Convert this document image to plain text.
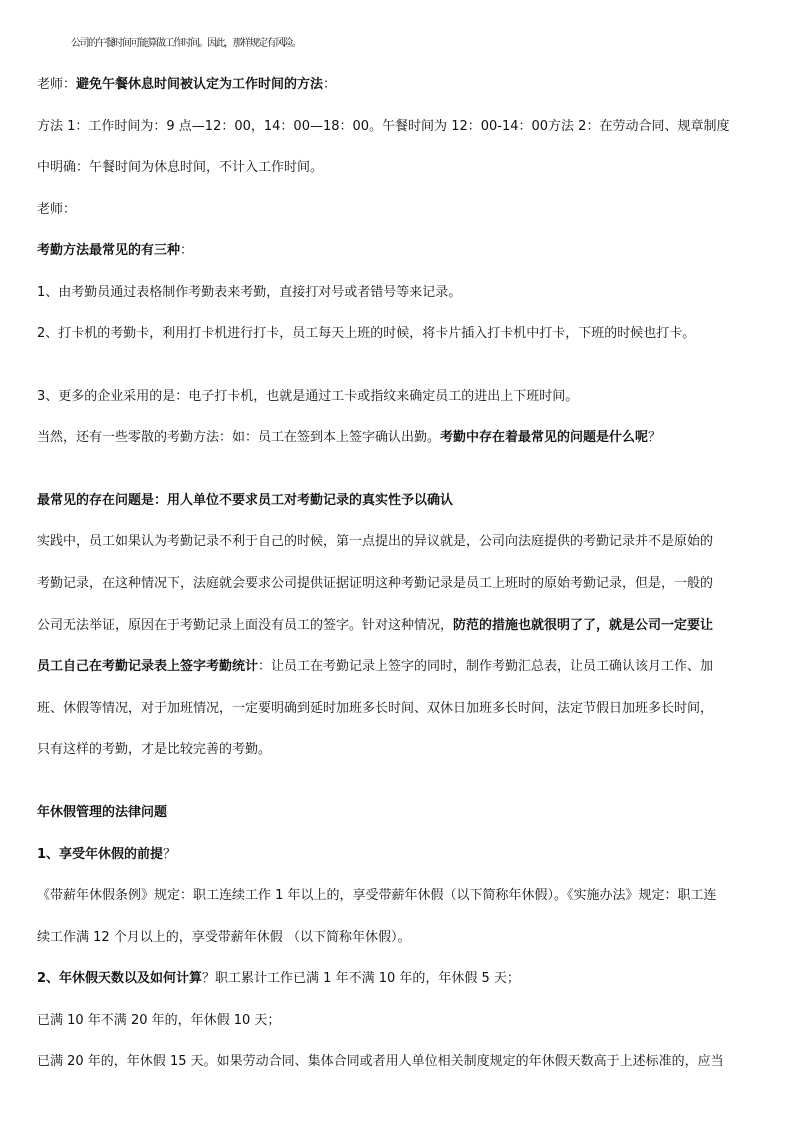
公司的午餐时间可能算做工作时间。因此，那样规定有风险。
老师：避免午餐休息时间被认定为工作时间的方法：
方法 1：工作时间为：9 点—12：00，14：00—18：00。午餐时间为 12：00-14：00方法 2：在劳动合同、规章制度
中明确：午餐时间为休息时间，不计入工作时间。
老师：
考勤方法最常见的有三种：
1、由考勤员通过表格制作考勤表来考勤，直接打对号或者错号等来记录。
2、打卡机的考勤卡，利用打卡机进行打卡，员工每天上班的时候，将卡片插入打卡机中打卡，下班的时候也打卡。
3、更多的企业采用的是：电子打卡机，也就是通过工卡或指纹来确定员工的进出上下班时间。
当然，还有一些零散的考勤方法：如：员工在签到本上签字确认出勤。考勤中存在着最常见的问题是什么呢？
最常见的存在问题是：用人单位不要求员工对考勤记录的真实性予以确认
实践中，员工如果认为考勤记录不利于自己的时候，第一点提出的异议就是，公司向法庭提供的考勤记录并不是原始的
考勤记录，在这种情况下，法庭就会要求公司提供证据证明这种考勤记录是员工上班时的原始考勤记录，但是，一般的
公司无法举证，原因在于考勤记录上面没有员工的签字。针对这种情况，防范的措施也就很明了了，就是公司一定要让
员工自己在考勤记录表上签字考勤统计：让员工在考勤记录上签字的同时，制作考勤汇总表，让员工确认该月工作、加
班、休假等情况，对于加班情况，一定要明确到延时加班多长时间、双休日加班多长时间，法定节假日加班多长时间，
只有这样的考勤，才是比较完善的考勤。
年休假管理的法律问题
1、享受年休假的前提？
《带薪年休假条例》规定：职工连续工作 1 年以上的，享受带薪年休假（以下简称年休假）。《实施办法》规定：职工连
续工作满 12 个月以上的，享受带薪年休假 （以下简称年休假）。
2、年休假天数以及如何计算？职工累计工作已满 1 年不满 10 年的，年休假 5 天；
已满 10 年不满 20 年的，年休假 10 天；
已满 20 年的，年休假 15 天。如果劳动合同、集体合同或者用人单位相关制度规定的年休假天数高于上述标准的，应当
